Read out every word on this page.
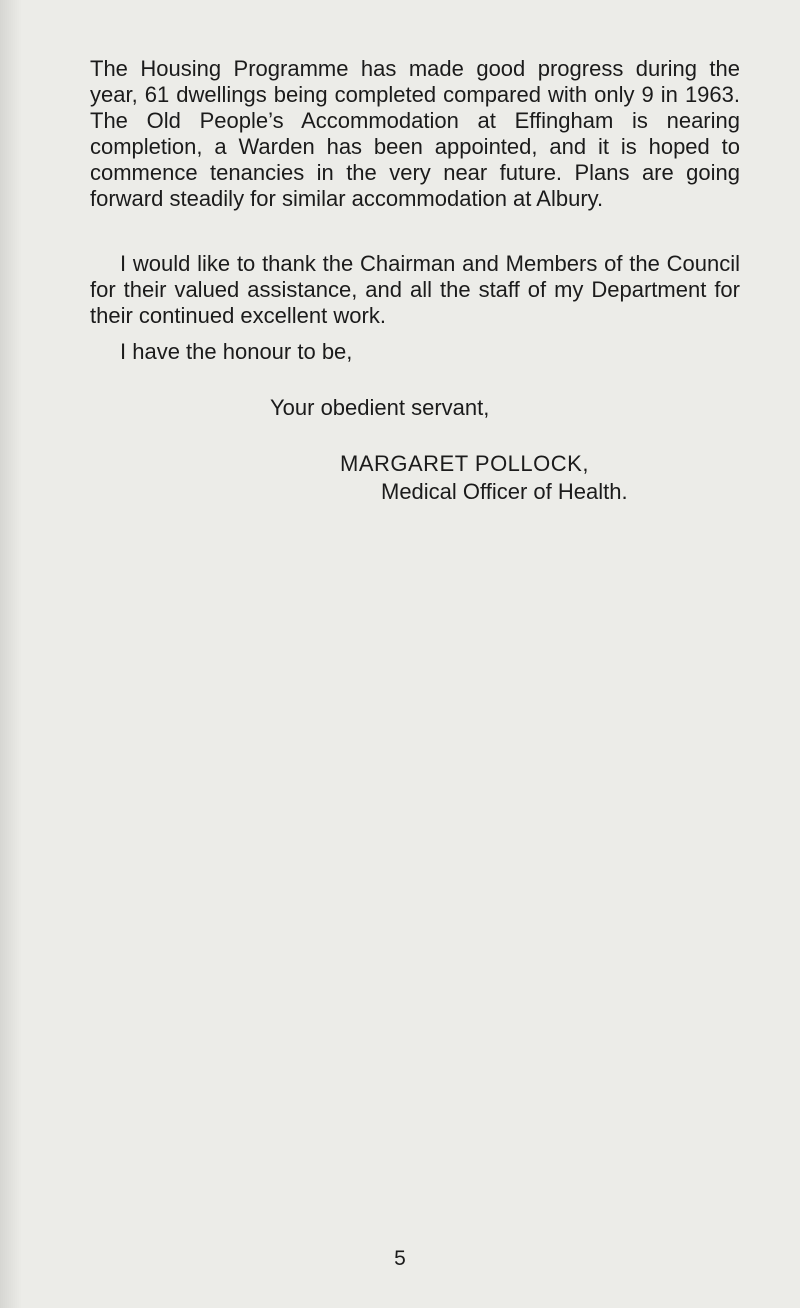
The Housing Programme has made good progress during the year, 61 dwellings being completed compared with only 9 in 1963. The Old People’s Accommodation at Effingham is nearing completion, a Warden has been appointed, and it is hoped to commence tenancies in the very near future. Plans are going forward steadily for similar accommodation at Albury.

I would like to thank the Chairman and Members of the Council for their valued assistance, and all the staff of my Department for their continued excellent work.

I have the honour to be,

Your obedient servant,

MARGARET POLLOCK,

Medical Officer of Health.

5
